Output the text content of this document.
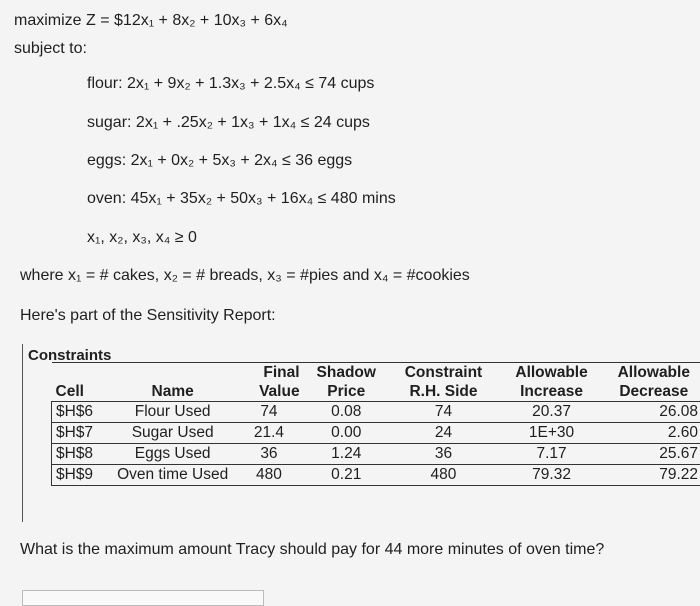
maximize Z = $12x₁ + 8x₂ + 10x₃ + 6x₄
subject to:
flour: 2x₁ + 9x₂ + 1.3x₃ + 2.5x₄ ≤ 74 cups
sugar: 2x₁ + .25x₂ + 1x₃ + 1x₄ ≤ 24 cups
eggs: 2x₁ + 0x₂ + 5x₃ + 2x₄ ≤ 36 eggs
oven: 45x₁ + 35x₂ + 50x₃ + 16x₄ ≤ 480 mins
x₁, x₂, x₃, x₄ ≥ 0
where x₁ = # cakes, x₂ = # breads, x₃ = #pies and x₄ = #cookies
Here's part of the Sensitivity Report:
Constraints
		Final	Shadow	Constraint	Allowable	Allowable
Cell	Name	Value	Price	R.H. Side	Increase	Decrease
$H$6	Flour Used	74	0.08	74	20.37	26.08
$H$7	Sugar Used	21.4	0.00	24	1E+30	2.60
$H$8	Eggs Used	36	1.24	36	7.17	25.67
$H$9	Oven time Used	480	0.21	480	79.32	79.22
What is the maximum amount Tracy should pay for 44 more minutes of oven time?
